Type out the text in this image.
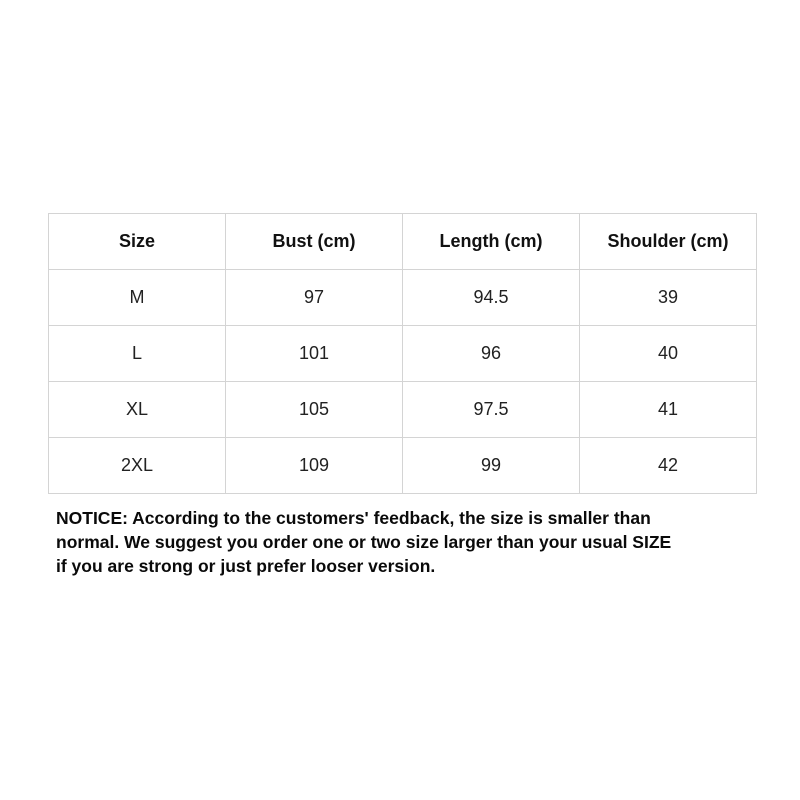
Size	Bust (cm)	Length (cm)	Shoulder (cm)
M	97	94.5	39
L	101	96	40
XL	105	97.5	41
2XL	109	99	42

NOTICE: According to the customers' feedback, the size is smaller than
normal. We suggest you order one or two size larger than your usual SIZE
if you are strong or just prefer looser version.
